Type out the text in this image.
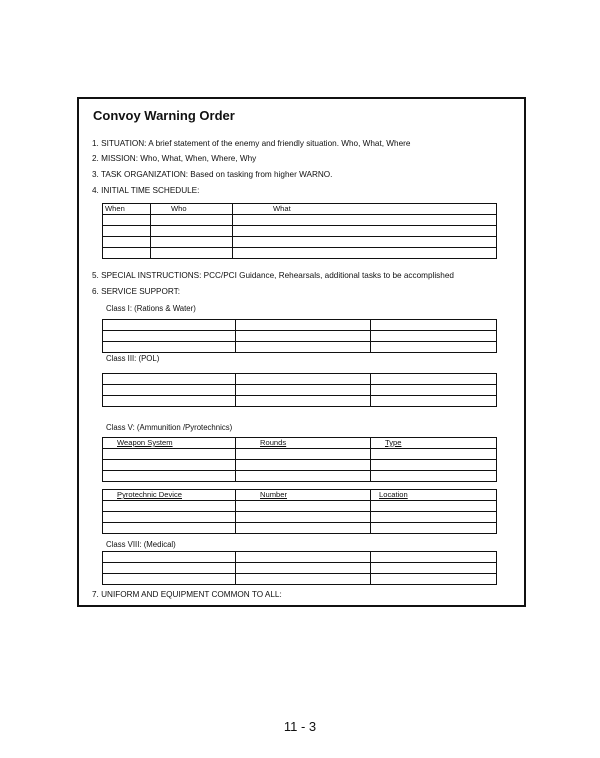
Convoy Warning Order
1. SITUATION: A brief statement of the enemy and friendly situation. Who, What, Where
2. MISSION: Who, What, When, Where, Why
3. TASK ORGANIZATION: Based on tasking from higher WARNO.
4. INITIAL TIME SCHEDULE:
When	Who	What

5. SPECIAL INSTRUCTIONS: PCC/PCI Guidance, Rehearsals, additional tasks to be accomplished
6. SERVICE SUPPORT:
Class I: (Rations & Water)

Class III: (POL)

Class V: (Ammunition /Pyrotechnics)
Weapon System	Rounds	Type

Pyrotechnic Device	Number	Location

Class VIII: (Medical)

7. UNIFORM AND EQUIPMENT COMMON TO ALL:
11 - 3
